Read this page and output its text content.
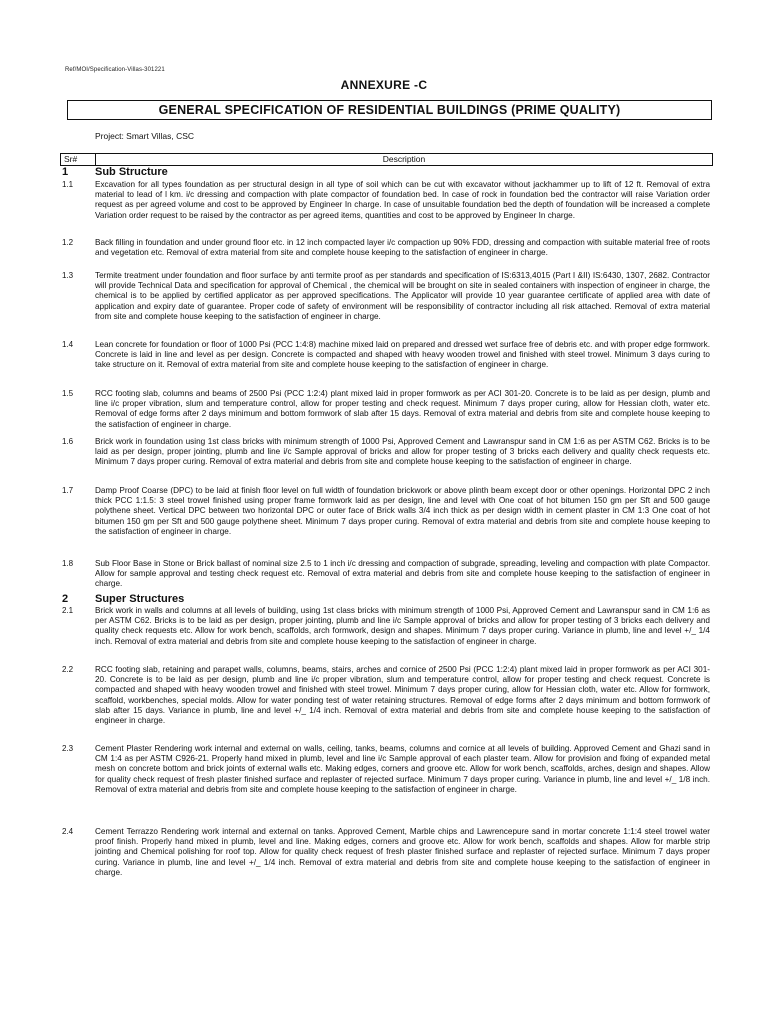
Ref/MOI/Specification-Villas-301221
ANNEXURE -C
GENERAL SPECIFICATION OF RESIDENTIAL BUILDINGS (PRIME QUALITY)
Project: Smart Villas, CSC
Sr#	Description
1	Sub Structure
1.1	Excavation for all types foundation as per structural design in all type of soil which can be cut with excavator without jackhammer up to lift of 12 ft. Removal of extra material to lead of l km. i/c dressing and compaction with plate compactor of foundation bed. In case of rock in foundation bed the contractor will raise Variation order request as per agreed volume and cost to be approved by Engineer In charge. In case of unsuitable foundation bed the depth of foundation will be increased a complete Variation order request to be raised by the contractor as per agreed items, quantities and cost to be approved by Engineer In charge.
1.2	Back filling in foundation and under ground floor etc. in 12 inch compacted layer i/c compaction up 90% FDD, dressing and compaction with suitable material free of roots and vegetation etc. Removal of extra material from site and complete house keeping to the satisfaction of engineer in charge.
1.3	Termite treatment under foundation and floor surface by anti termite proof as per standards and specification of IS:6313,4015 (Part I &II) IS:6430, 1307, 2682. Contractor will provide Technical Data and specification for approval of Chemical , the chemical will be brought on site in sealed containers with inspection of engineer in charge, the chemical is to be applied by certified applicator as per approved specifications. The Applicator will provide 10 year guarantee certificate of applied area with date of application and expiry date of guarantee. Proper code of safety of environment will be responsibility of contractor including all risk attached. Removal of extra material from site and complete house keeping to the satisfaction of engineer in charge.
1.4	Lean concrete for foundation or floor of 1000 Psi (PCC 1:4:8) machine mixed laid on prepared and dressed wet surface free of debris etc. and with proper edge formwork. Concrete is laid in line and level as per design. Concrete is compacted and shaped with heavy wooden trowel and finished with steel trowel. Minimum 3 days curing to take structure on it. Removal of extra material from site and complete house keeping to the satisfaction of engineer in charge.
1.5	RCC footing slab, columns and beams of 2500 Psi (PCC 1:2:4) plant mixed laid in proper formwork as per ACI 301-20. Concrete is to be laid as per design, plumb and line i/c proper vibration, slum and temperature control, allow for proper testing and check request. Minimum 7 days proper curing, allow for Hessian cloth, water etc. Removal of edge forms after 2 days minimum and bottom formwork of slab after 15 days. Removal of extra material and debris from site and complete house keeping to the satisfaction of engineer in charge.
1.6	Brick work in foundation using 1st class bricks with minimum strength of 1000 Psi, Approved Cement and Lawranspur sand in CM 1:6 as per ASTM C62. Bricks is to be laid as per design, proper jointing, plumb and line i/c Sample approval of bricks and allow for proper testing of 3 bricks each delivery and quality check requests etc. Minimum 7 days proper curing. Removal of extra material and debris from site and complete house keeping to the satisfaction of engineer in charge.
1.7	Damp Proof Coarse (DPC) to be laid at finish floor level on full width of foundation brickwork or above plinth beam except door or other openings. Horizontal DPC 2 inch thick PCC 1:1.5: 3 steel trowel finished using proper frame formwork laid as per design, line and level with One coat of hot bitumen 150 gm per Sft and 500 gauge polythene sheet. Vertical DPC between two horizontal DPC or outer face of Brick walls 3/4 inch thick as per design width in cement plaster in CM 1:3 One coat of hot bitumen 150 gm per Sft and 500 gauge polythene sheet. Minimum 7 days proper curing. Removal of extra material and debris from site and complete house keeping to the satisfaction of engineer in charge.
1.8	Sub Floor Base in Stone or Brick ballast of nominal size 2.5 to 1 inch i/c dressing and compaction of subgrade, spreading, leveling and compaction with plate Compactor. Allow for sample approval and testing check request etc. Removal of extra material and debris from site and complete house keeping to the satisfaction of engineer in charge.
2	Super Structures
2.1	Brick work in walls and columns at all levels of building, using 1st class bricks with minimum strength of 1000 Psi, Approved Cement and Lawranspur sand in CM 1:6 as per ASTM C62. Bricks is to be laid as per design, proper jointing, plumb and line i/c Sample approval of bricks and allow for proper testing of 3 bricks each delivery and quality check requests etc. Allow for work bench, scaffolds, arch formwork, design and shapes. Minimum 7 days proper curing. Variance in plumb, line and level +/_ 1/4 inch. Removal of extra material and debris from site and complete house keeping to the satisfaction of engineer in charge.
2.2	RCC footing slab, retaining and parapet walls, columns, beams, stairs, arches and cornice of 2500 Psi (PCC 1:2:4) plant mixed laid in proper formwork as per ACI 301-20. Concrete is to be laid as per design, plumb and line i/c proper vibration, slum and temperature control, allow for proper testing and check request. Concrete is compacted and shaped with heavy wooden trowel and finished with steel trowel. Minimum 7 days proper curing, allow for Hessian cloth, water etc. Allow for formwork, scaffold, workbenches, special molds. Allow for water ponding test of water retaining structures. Removal of edge forms after 2 days minimum and bottom formwork of slab after 15 days. Variance in plumb, line and level +/_ 1/4 inch. Removal of extra material and debris from site and complete house keeping to the satisfaction of engineer in charge.
2.3	Cement Plaster Rendering work internal and external on walls, ceiling, tanks, beams, columns and cornice at all levels of building. Approved Cement and Ghazi sand in CM 1:4 as per ASTM C926-21. Properly hand mixed in plumb, level and line i/c Sample approval of each plaster team. Allow for provision and fixing of expanded metal mesh on concrete bottom and brick joints of external walls etc. Making edges, corners and groove etc. Allow for work bench, scaffolds, arches, design and shapes. Allow for quality check request of fresh plaster finished surface and replaster of rejected surface. Minimum 7 days proper curing. Variance in plumb, line and level +/_ 1/8 inch. Removal of extra material and debris from site and complete house keeping to the satisfaction of engineer in charge.
2.4	Cement Terrazzo Rendering work internal and external on tanks. Approved Cement, Marble chips and Lawrencepure sand in mortar concrete 1:1:4 steel trowel water proof finish. Properly hand mixed in plumb, level and line. Making edges, corners and groove etc. Allow for work bench, scaffolds and shapes. Allow for marble strip jointing and Chemical polishing for roof top. Allow for quality check request of fresh plaster finished surface and replaster of rejected surface. Minimum 7 days proper curing. Variance in plumb, line and level +/_ 1/4 inch. Removal of extra material and debris from site and complete house keeping to the satisfaction of engineer in charge.
